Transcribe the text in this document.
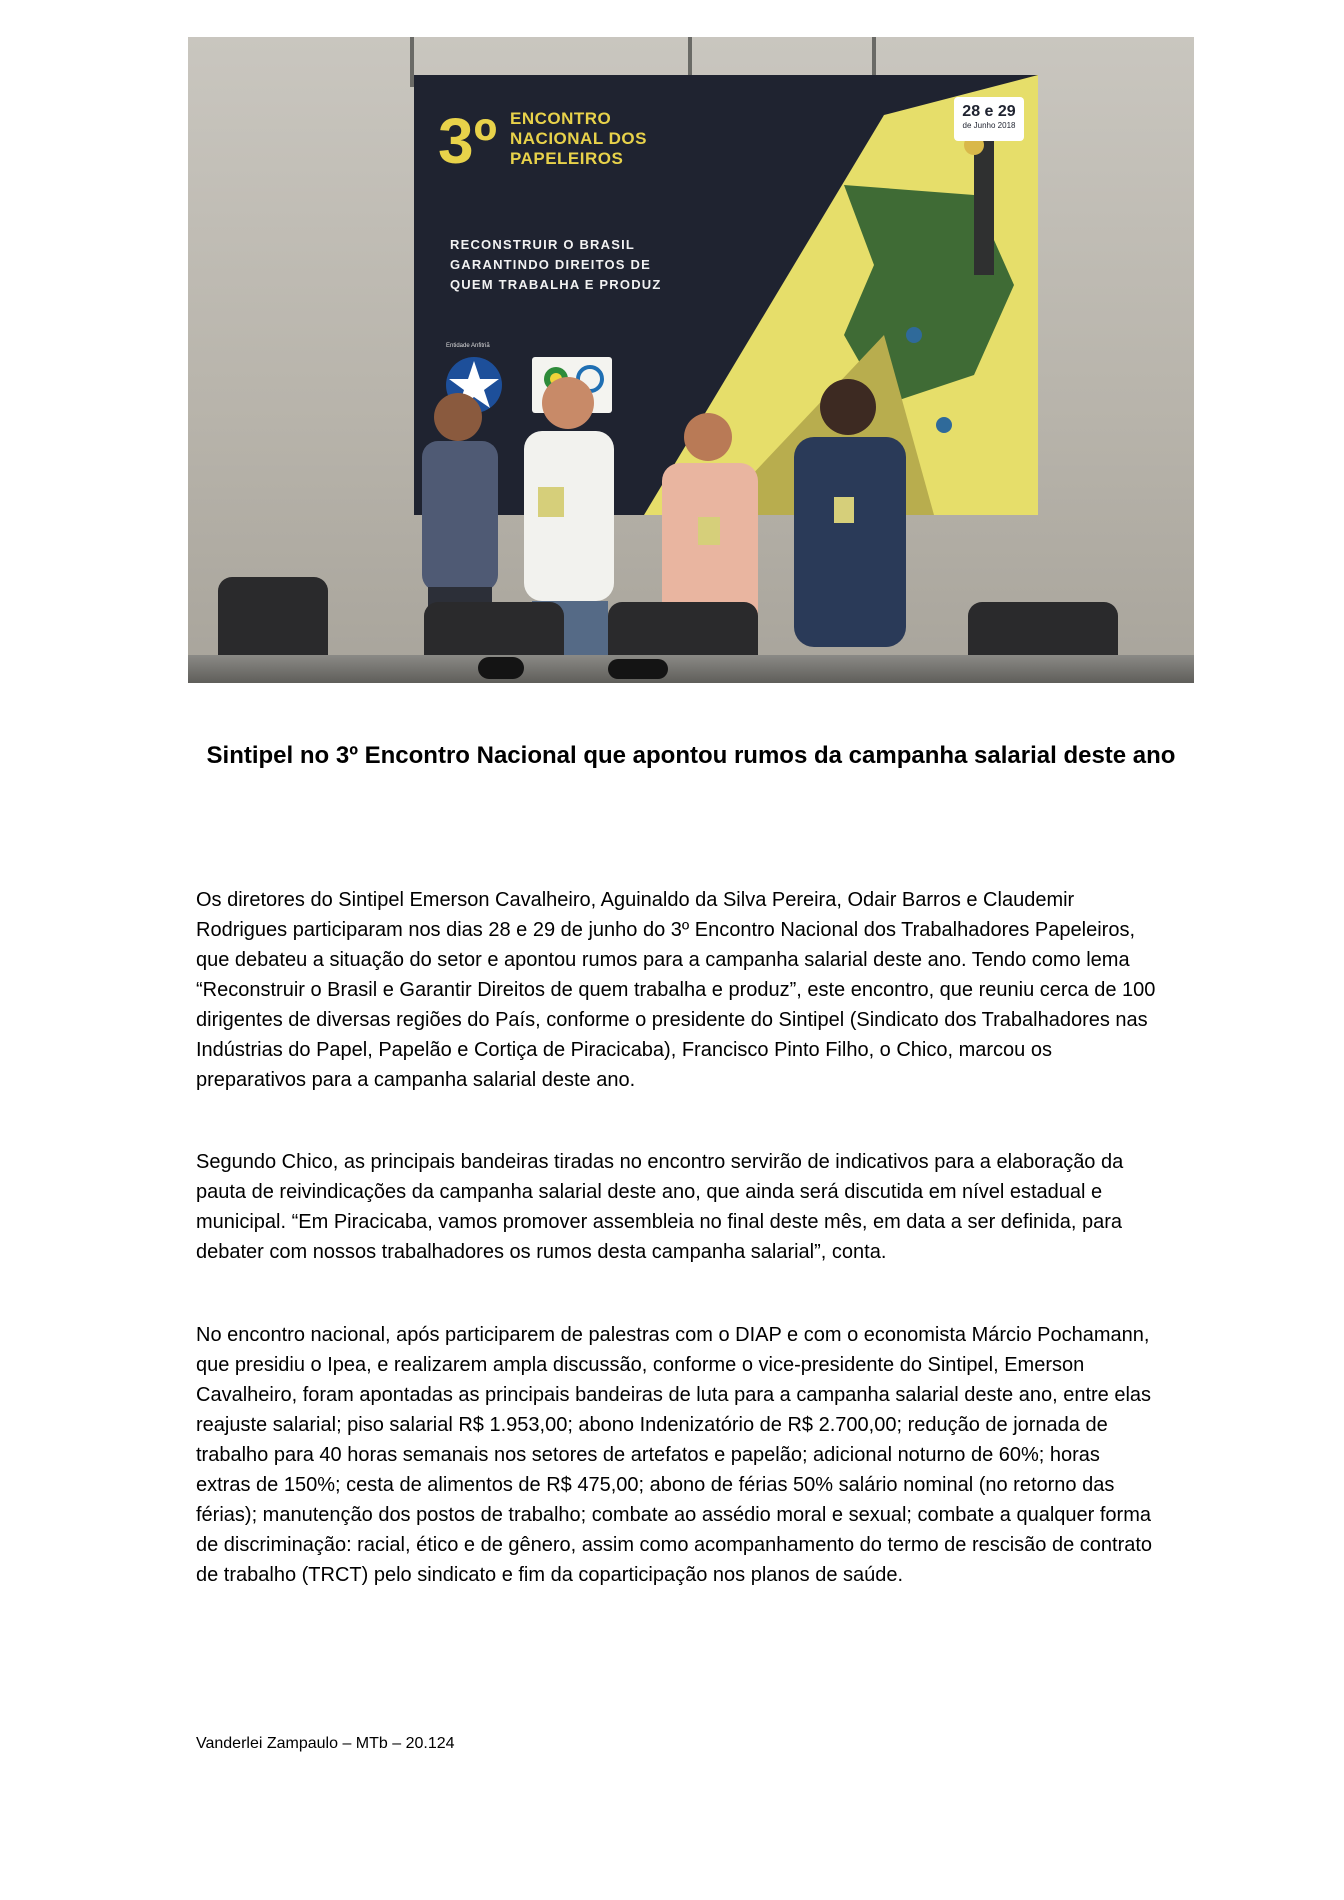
3º ENCONTRO
NACIONAL DOS
PAPELEIROS
RECONSTRUIR O BRASIL
GARANTINDO DIREITOS DE
QUEM TRABALHA E PRODUZ
28 e 29
de Junho 2018
Entidade Anfitriã
Sintipel no 3º Encontro Nacional que apontou rumos da campanha salarial deste ano

Os diretores do Sintipel Emerson Cavalheiro, Aguinaldo da Silva Pereira, Odair Barros e Claudemir Rodrigues participaram nos dias 28 e 29 de junho do 3º Encontro Nacional dos Trabalhadores Papeleiros, que debateu a situação do setor e apontou rumos para a campanha salarial deste ano. Tendo como lema “Reconstruir o Brasil e Garantir Direitos de quem trabalha e produz”, este encontro, que reuniu cerca de 100 dirigentes de diversas regiões do País, conforme o presidente do Sintipel (Sindicato dos Trabalhadores nas Indústrias do Papel, Papelão e Cortiça de Piracicaba), Francisco Pinto Filho, o Chico, marcou os preparativos para a campanha salarial deste ano.

Segundo Chico, as principais bandeiras tiradas no encontro servirão de indicativos para a elaboração da pauta de reivindicações da campanha salarial deste ano, que ainda será discutida em nível estadual e municipal. “Em Piracicaba, vamos promover assembleia no final deste mês, em data a ser definida, para debater com nossos trabalhadores os rumos desta campanha salarial”, conta.

No encontro nacional, após participarem de palestras com o DIAP e com o economista Márcio Pochamann, que presidiu o Ipea, e realizarem ampla discussão, conforme o vice-presidente do Sintipel, Emerson Cavalheiro, foram apontadas as principais bandeiras de luta para a campanha salarial deste ano, entre elas reajuste salarial; piso salarial R$ 1.953,00; abono Indenizatório de R$ 2.700,00; redução de jornada de trabalho para 40 horas semanais nos setores de artefatos e papelão; adicional noturno de 60%; horas extras de 150%; cesta de alimentos de R$ 475,00; abono de férias 50% salário nominal (no retorno das férias); manutenção dos postos de trabalho; combate ao assédio moral e sexual; combate a qualquer forma de discriminação: racial, ético e de gênero, assim como acompanhamento do termo de rescisão de contrato de trabalho (TRCT) pelo sindicato e fim da coparticipação nos planos de saúde.

Vanderlei Zampaulo – MTb – 20.124
